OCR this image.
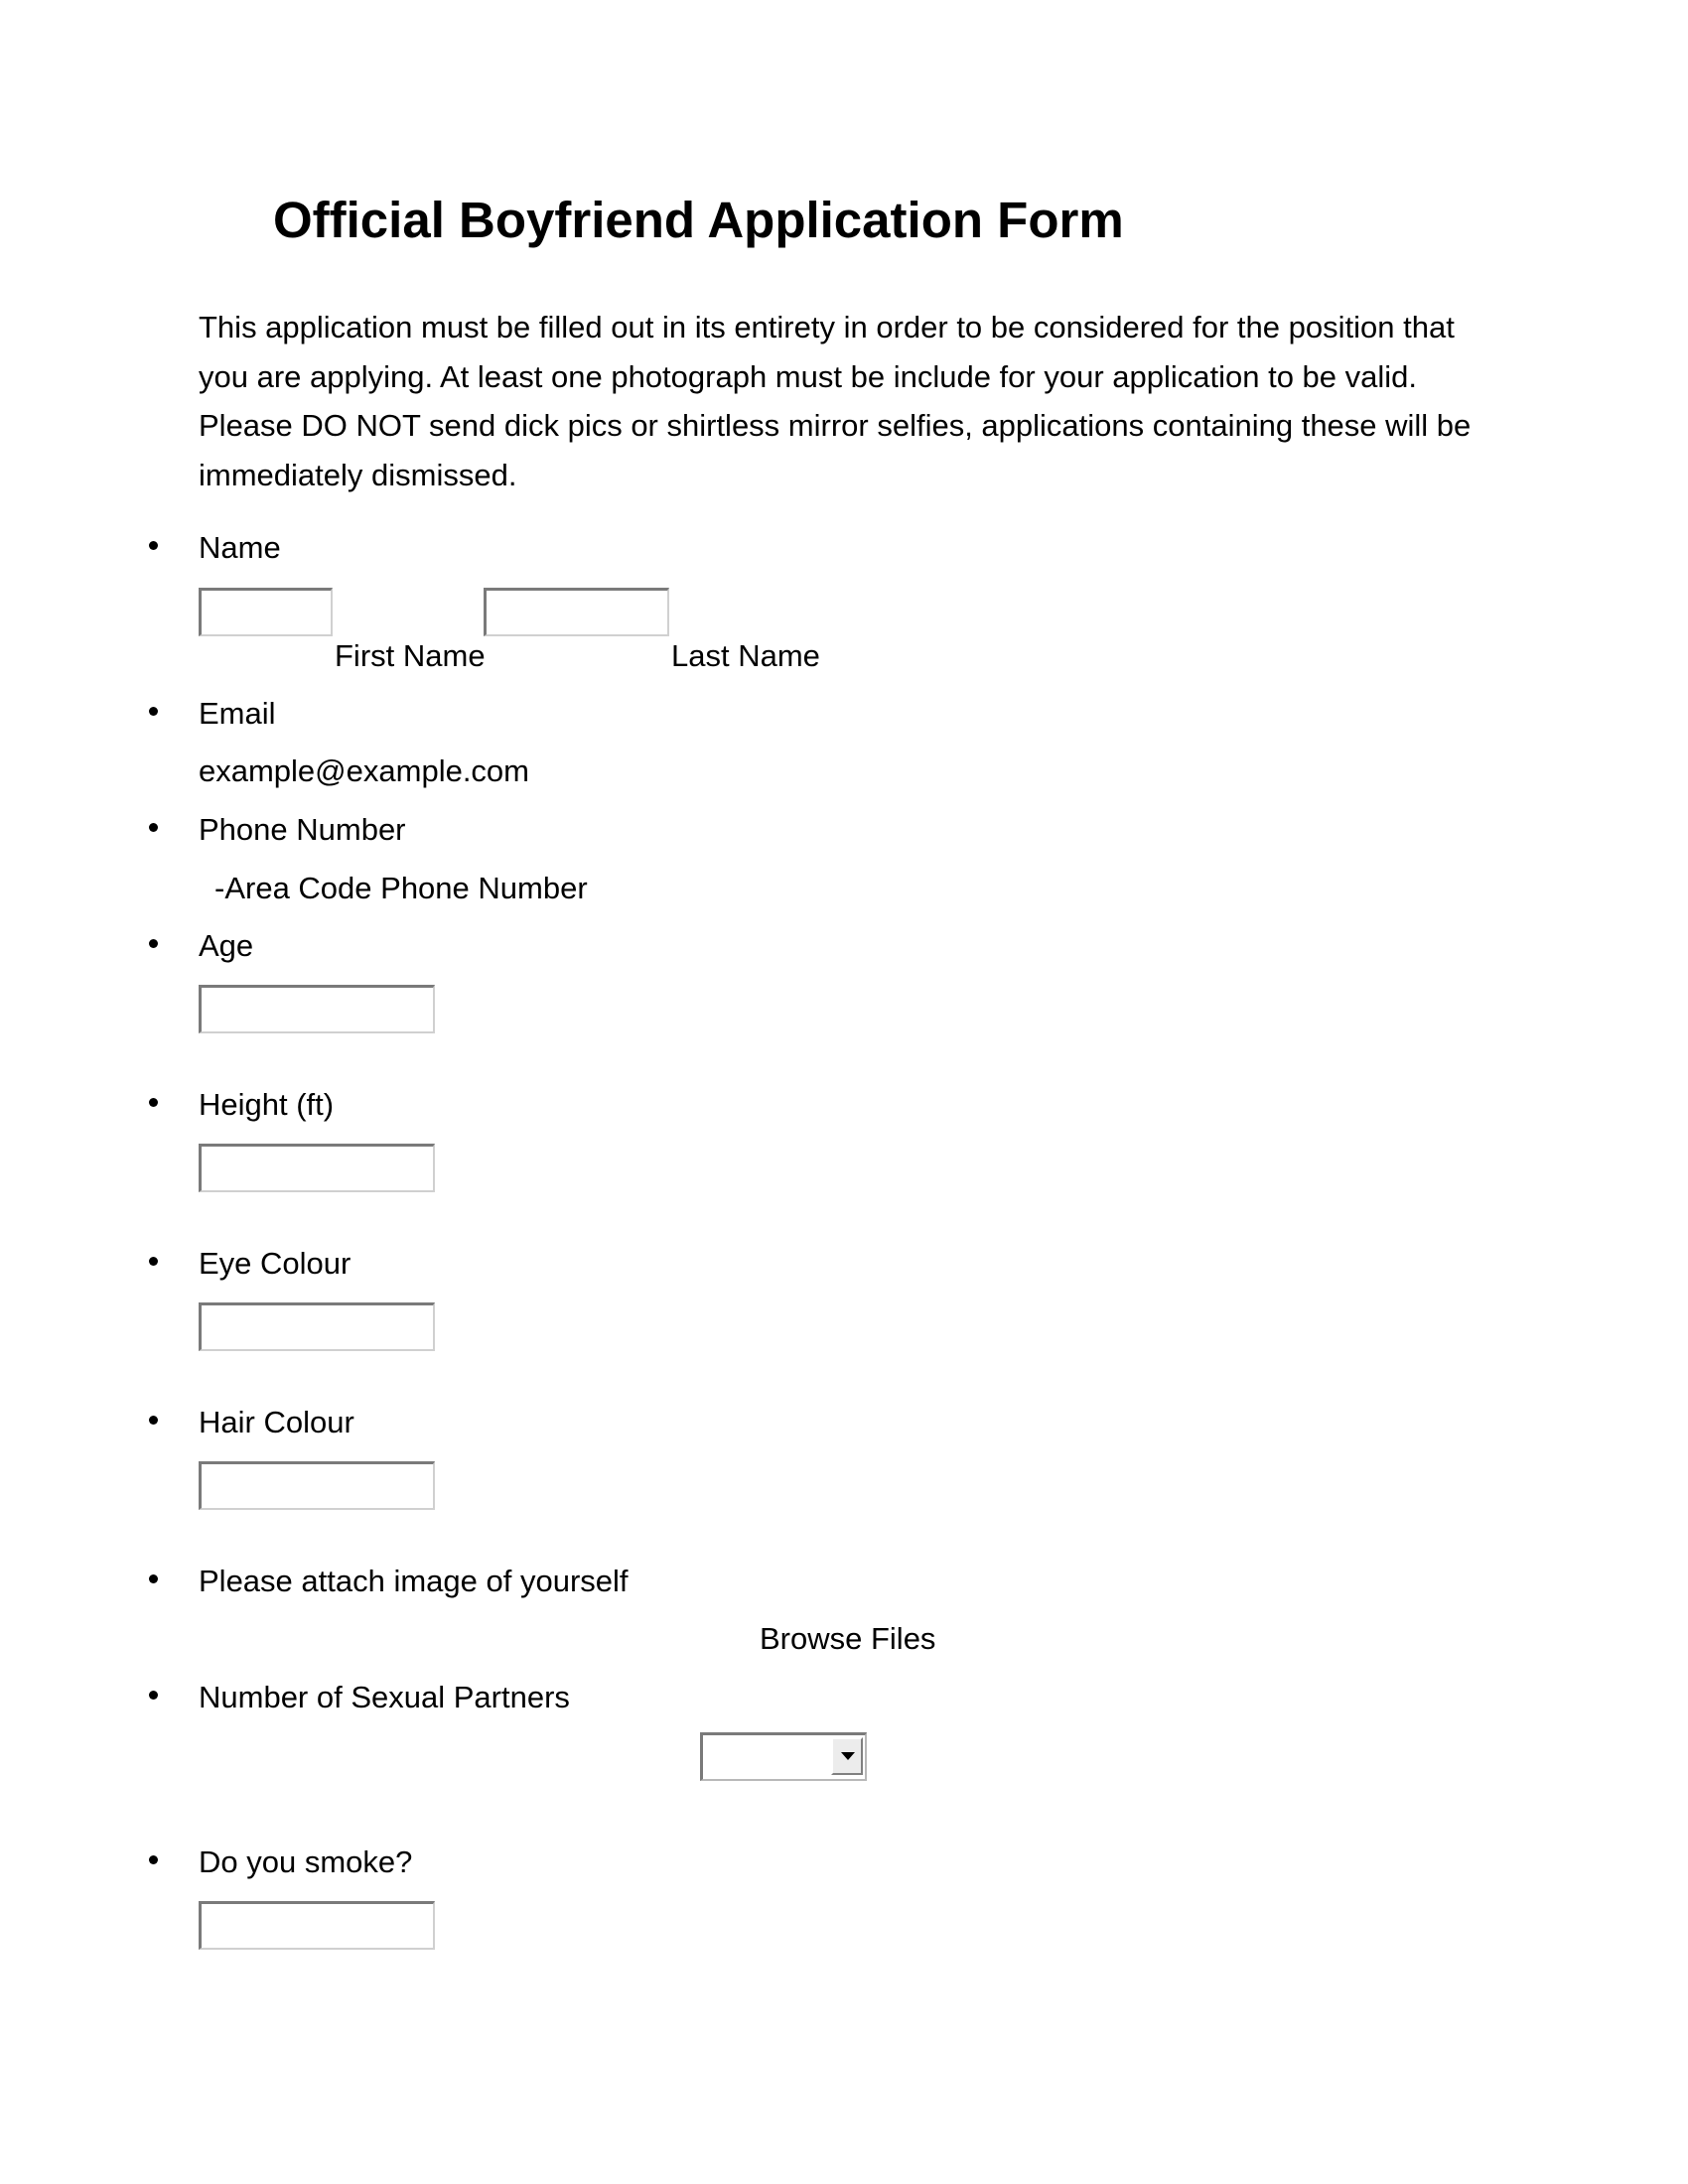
Official Boyfriend Application Form
This application must be filled out in its entirety in order to be considered for the position that
you are applying. At least one photograph must be include for your application to be valid.
Please DO NOT send dick pics or shirtless mirror selfies, applications containing these will be
immediately dismissed.
Name
First Name	Last Name
Email
example@example.com
Phone Number
-Area Code Phone Number
Age
Height (ft)
Eye Colour
Hair Colour
Please attach image of yourself
Browse Files
Number of Sexual Partners
Do you smoke?
